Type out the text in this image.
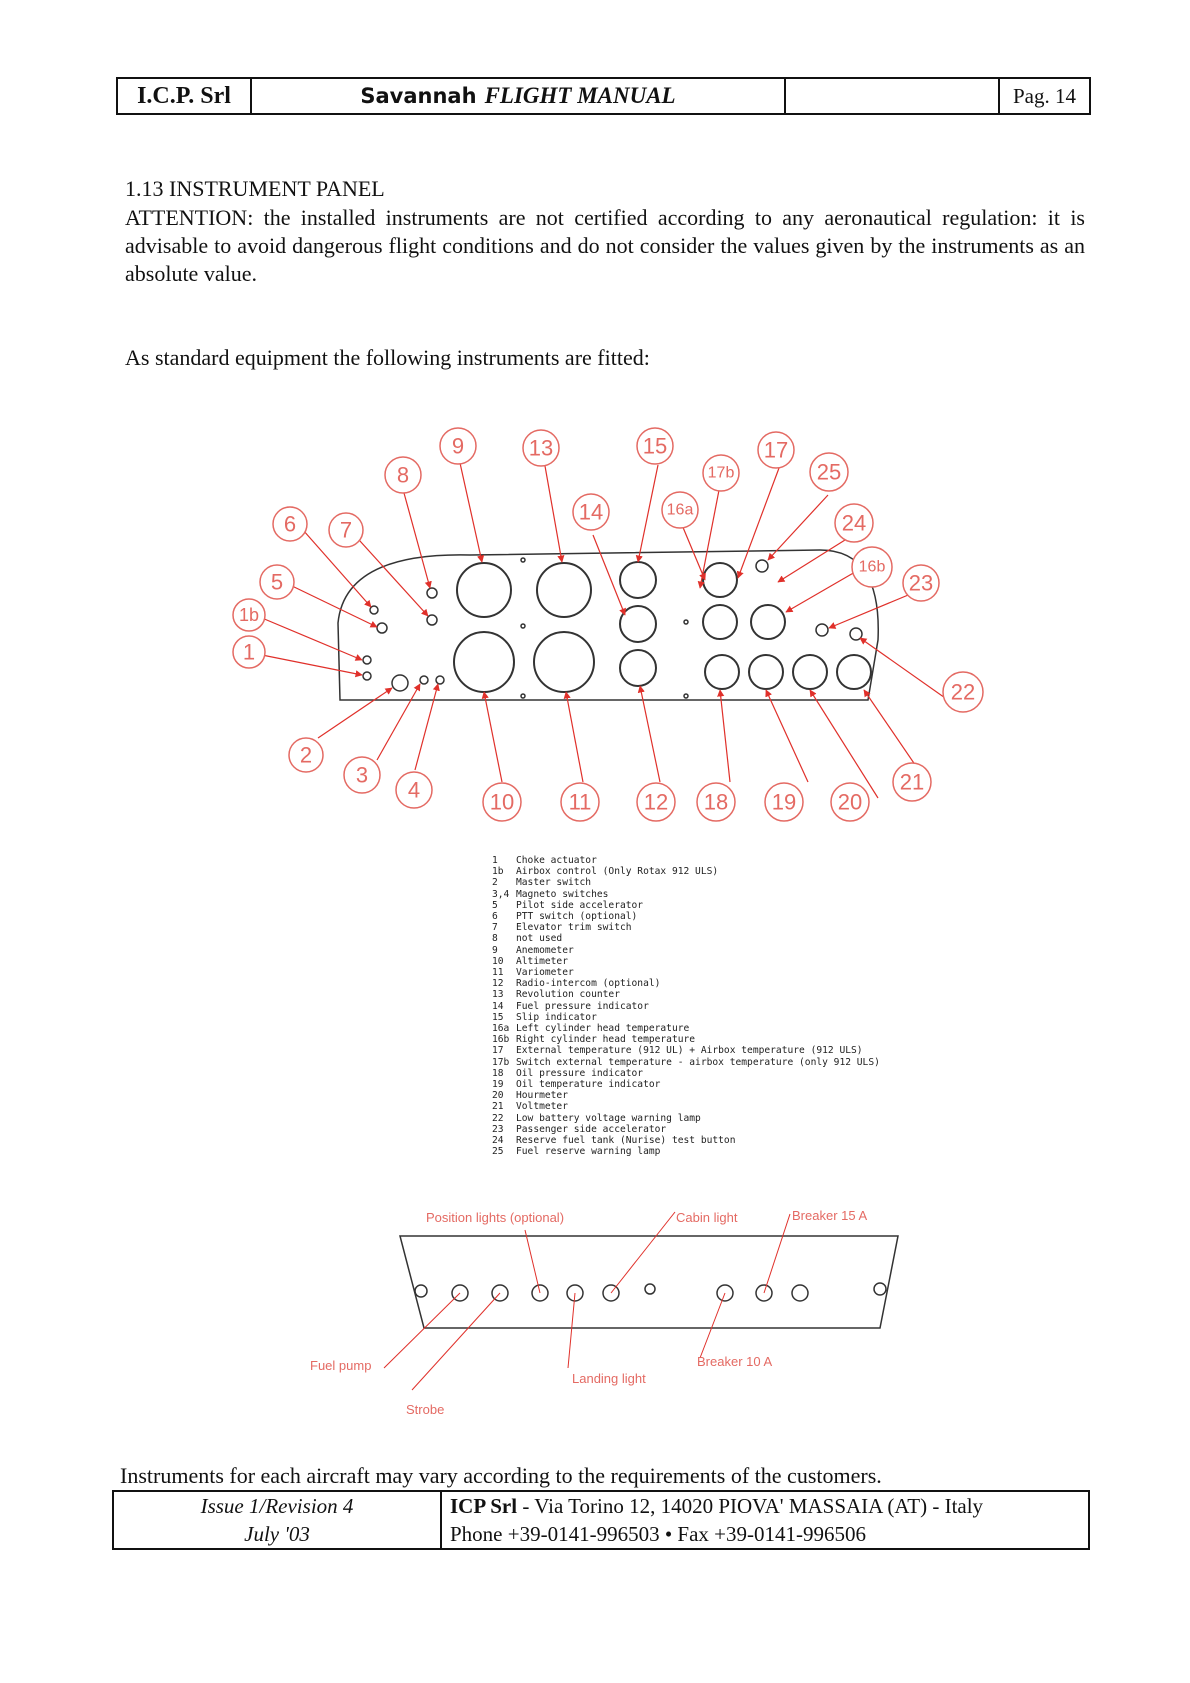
I.C.P. Srl	Savannah FLIGHT MANUAL	Pag. 14
1.13 INSTRUMENT PANEL
ATTENTION: the installed instruments are not certified according to any aeronautical regulation: it is advisable to avoid dangerous flight conditions and do not consider the values given by the instruments as an absolute value.
As standard equipment the following instruments are fitted:
1
1b
5
6 7
8
9	13
14
15
16a
17b
17
25
24
16b
23
22
21
20
19
18
12
11
10
4
3
2
Position lights (optional)	Cabin light	Breaker 15 A
Fuel pump
Strobe
Landing light
Breaker 10 A
1	Choke actuator
1b	Airbox control (Only Rotax 912 ULS)
2	Master switch
3,4 Magneto switches
5	Pilot side accelerator
6	PTT switch (optional)
7	Elevator trim switch
8	not used
9	Anemometer
10	Altimeter
11	Variometer
12	Radio-intercom (optional)
13	Revolution counter
14	Fuel pressure indicator
15	Slip indicator
16a Left cylinder head temperature
16b Right cylinder head temperature
17	External temperature (912 UL) + Airbox temperature (912 ULS)
17b Switch external temperature - airbox temperature (only 912 ULS)
18	Oil pressure indicator
19	Oil temperature indicator
20	Hourmeter
21	Voltmeter
22	Low battery voltage warning lamp
23	Passenger side accelerator
24	Reserve fuel tank (Nurise) test button
25	Fuel reserve warning lamp
Instruments for each aircraft may vary according to the requirements of the customers.
Issue 1/Revision 4
July '03
ICP Srl - Via Torino 12, 14020 PIOVA' MASSAIA (AT) - Italy
Phone +39-0141-996503 • Fax +39-0141-996506
